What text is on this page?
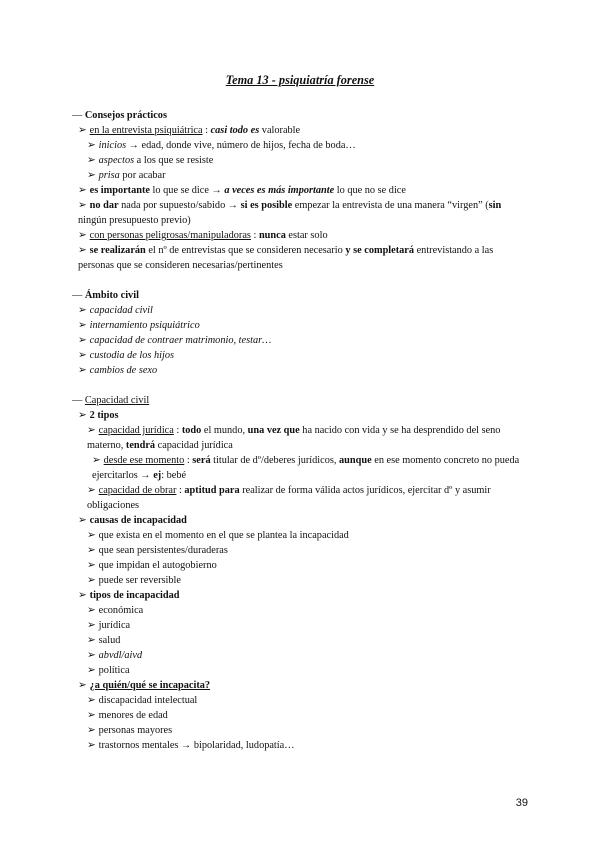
Tema 13 - psiquiatría forense
— Consejos prácticos
➢ en la entrevista psiquiátrica : casi todo es valorable
➢ inicios → edad, donde vive, número de hijos, fecha de boda…
➢ aspectos a los que se resiste
➢ prisa por acabar
➢ es importante lo que se dice → a veces es más importante lo que no se dice
➢ no dar nada por supuesto/sabido → si es posible empezar la entrevista de una manera “virgen” (sin ningún presupuesto previo)
➢ con personas peligrosas/manipuladoras : nunca estar solo
➢ se realizarán el nº de entrevistas que se consideren necesario y se completará entrevistando a las personas que se consideren necesarias/pertinentes
— Ámbito civil
➢ capacidad civil
➢ internamiento psiquiátrico
➢ capacidad de contraer matrimonio, testar…
➢ custodia de los hijos
➢ cambios de sexo
— Capacidad civil
➢ 2 tipos
➢ capacidad jurídica : todo el mundo, una vez que ha nacido con vida y se ha desprendido del seno materno, tendrá capacidad jurídica
➢ desde ese momento : será titular de dº/deberes jurídicos, aunque en ese momento concreto no pueda ejercitarlos → ej: bebé
➢ capacidad de obrar : aptitud para realizar de forma válida actos jurídicos, ejercitar dº y asumir obligaciones
➢ causas de incapacidad
➢ que exista en el momento en el que se plantea la incapacidad
➢ que sean persistentes/duraderas
➢ que impidan el autogobierno
➢ puede ser reversible
➢ tipos de incapacidad
➢ económica
➢ jurídica
➢ salud
➢ abvdl/aivd
➢ política
➢ ¿a quién/qué se incapacita?
➢ discapacidad intelectual
➢ menores de edad
➢ personas mayores
➢ trastornos mentales → bipolaridad, ludopatía…
39
